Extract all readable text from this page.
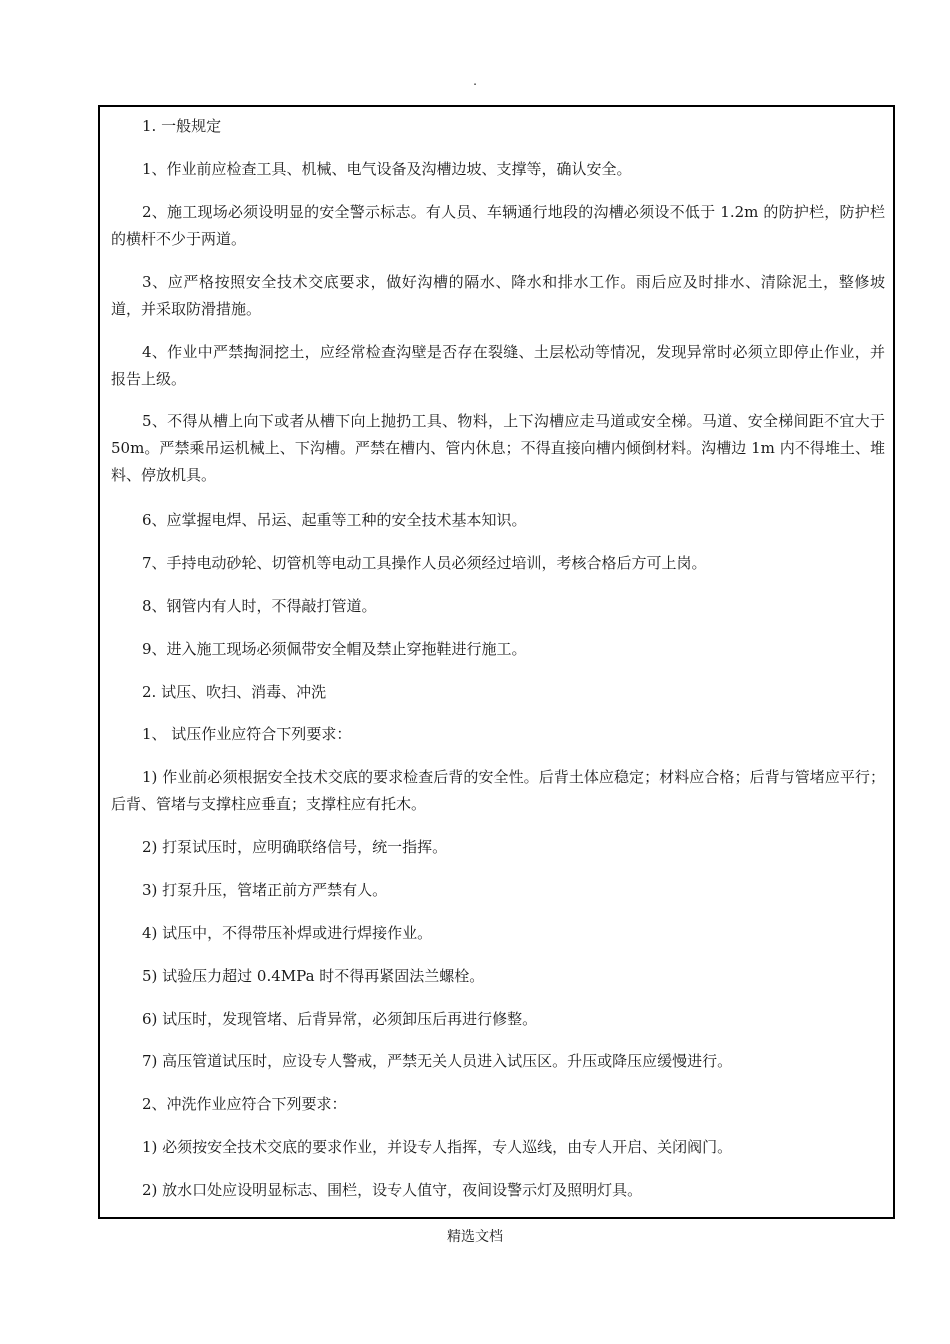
.
1. 一般规定
1、作业前应检查工具、机械、电气设备及沟槽边坡、支撑等，确认安全。
2、施工现场必须设明显的安全警示标志。有人员、车辆通行地段的沟槽必须设不低于 1.2m 的防护栏，防护栏的横杆不少于两道。
3、应严格按照安全技术交底要求，做好沟槽的隔水、降水和排水工作。雨后应及时排水、清除泥土，整修坡道，并采取防滑措施。
4、作业中严禁掏洞挖土，应经常检查沟壁是否存在裂缝、土层松动等情况，发现异常时必须立即停止作业，并报告上级。
5、不得从槽上向下或者从槽下向上抛扔工具、物料，上下沟槽应走马道或安全梯。马道、安全梯间距不宜大于 50m。严禁乘吊运机械上、下沟槽。严禁在槽内、管内休息；不得直接向槽内倾倒材料。沟槽边 1m 内不得堆土、堆料、停放机具。
6、应掌握电焊、吊运、起重等工种的安全技术基本知识。
7、手持电动砂轮、切管机等电动工具操作人员必须经过培训，考核合格后方可上岗。
8、钢管内有人时，不得敲打管道。
9、进入施工现场必须佩带安全帽及禁止穿拖鞋进行施工。
2. 试压、吹扫、消毒、冲洗
1、 试压作业应符合下列要求：
1) 作业前必须根据安全技术交底的要求检查后背的安全性。后背土体应稳定；材料应合格；后背与管堵应平行；后背、管堵与支撑柱应垂直；支撑柱应有托木。
2) 打泵试压时，应明确联络信号，统一指挥。
3) 打泵升压，管堵正前方严禁有人。
4) 试压中，不得带压补焊或进行焊接作业。
5) 试验压力超过 0.4MPa 时不得再紧固法兰螺栓。
6) 试压时，发现管堵、后背异常，必须卸压后再进行修整。
7) 高压管道试压时，应设专人警戒，严禁无关人员进入试压区。升压或降压应缓慢进行。
2、冲洗作业应符合下列要求：
1) 必须按安全技术交底的要求作业，并设专人指挥，专人巡线，由专人开启、关闭阀门。
2) 放水口处应设明显标志、围栏，设专人值守，夜间设警示灯及照明灯具。
精选文档
